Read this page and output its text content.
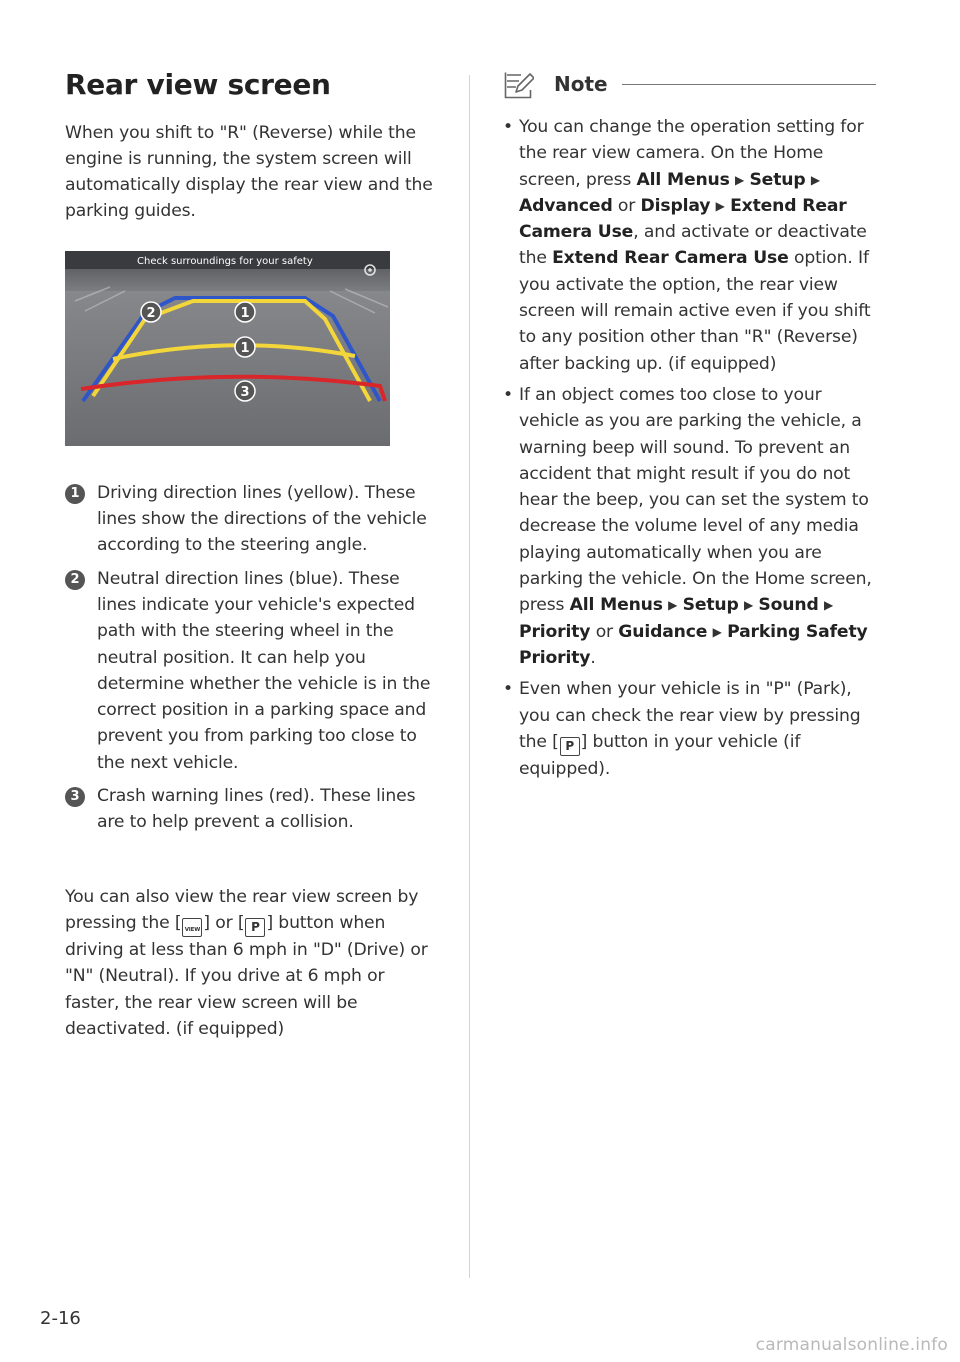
Rear view screen

When you shift to "R" (Reverse) while the engine is running, the system screen will automatically display the rear view and the parking guides.

Check surroundings for your safety
2	1
1
3
1	Driving direction lines (yellow). These lines show the directions of the vehicle according to the steering angle.
2	Neutral direction lines (blue). These lines indicate your vehicle's expected path with the steering wheel in the neutral position. It can help you determine whether the vehicle is in the correct position in a parking space and prevent you from parking too close to the next vehicle.
3	Crash warning lines (red). These lines are to help prevent a collision.

You can also view the rear view screen by pressing the [ VIEW ] or [ P ] button when driving at less than 6 mph in "D" (Drive) or "N" (Neutral). If you drive at 6 mph or faster, the rear view screen will be deactivated. (if equipped)

Note
• You can change the operation setting for the rear view camera. On the Home screen, press All Menus ▶ Setup ▶ Advanced or Display ▶ Extend Rear Camera Use, and activate or deactivate the Extend Rear Camera Use option. If you activate the option, the rear view screen will remain active even if you shift to any position other than "R" (Reverse) after backing up. (if equipped)
• If an object comes too close to your vehicle as you are parking the vehicle, a warning beep will sound. To prevent an accident that might result if you do not hear the beep, you can set the system to decrease the volume level of any media playing automatically when you are parking the vehicle. On the Home screen, press All Menus ▶ Setup ▶ Sound ▶ Priority or Guidance ▶ Parking Safety Priority.
• Even when your vehicle is in "P" (Park), you can check the rear view by pressing the [ P ] button in your vehicle (if equipped).
2-16
carmanualsonline.info
